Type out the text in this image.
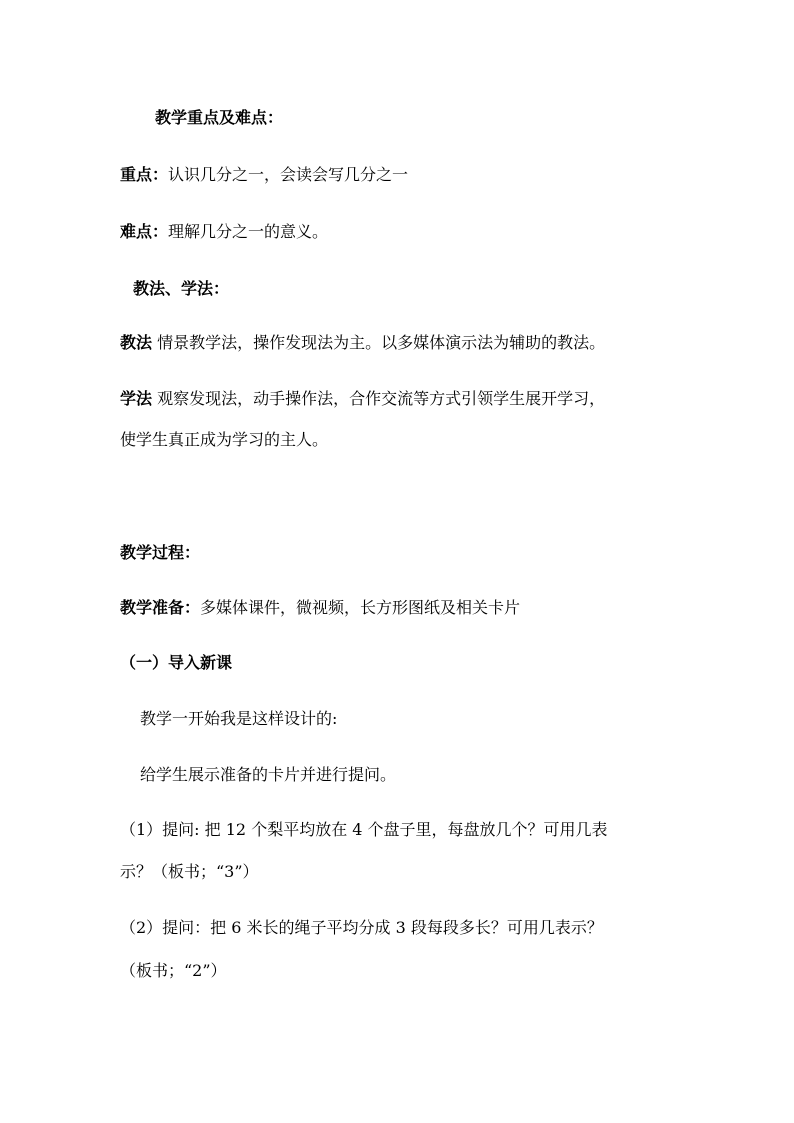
教学重点及难点：
重点：认识几分之一，会读会写几分之一
难点：理解几分之一的意义。
教法、学法：
教法 情景教学法，操作发现法为主。以多媒体演示法为辅助的教法。
学法 观察发现法，动手操作法，合作交流等方式引领学生展开学习，
使学生真正成为学习的主人。
教学过程：
教学准备：多媒体课件，微视频，长方形图纸及相关卡片
（一）导入新课
教学一开始我是这样设计的:
给学生展示准备的卡片并进行提问。
（1）提问: 把 12 个梨平均放在 4 个盘子里，每盘放几个？可用几表
示？（板书；“3”）
（2）提问：把 6 米长的绳子平均分成 3 段每段多长？可用几表示？
（板书；“2”）
